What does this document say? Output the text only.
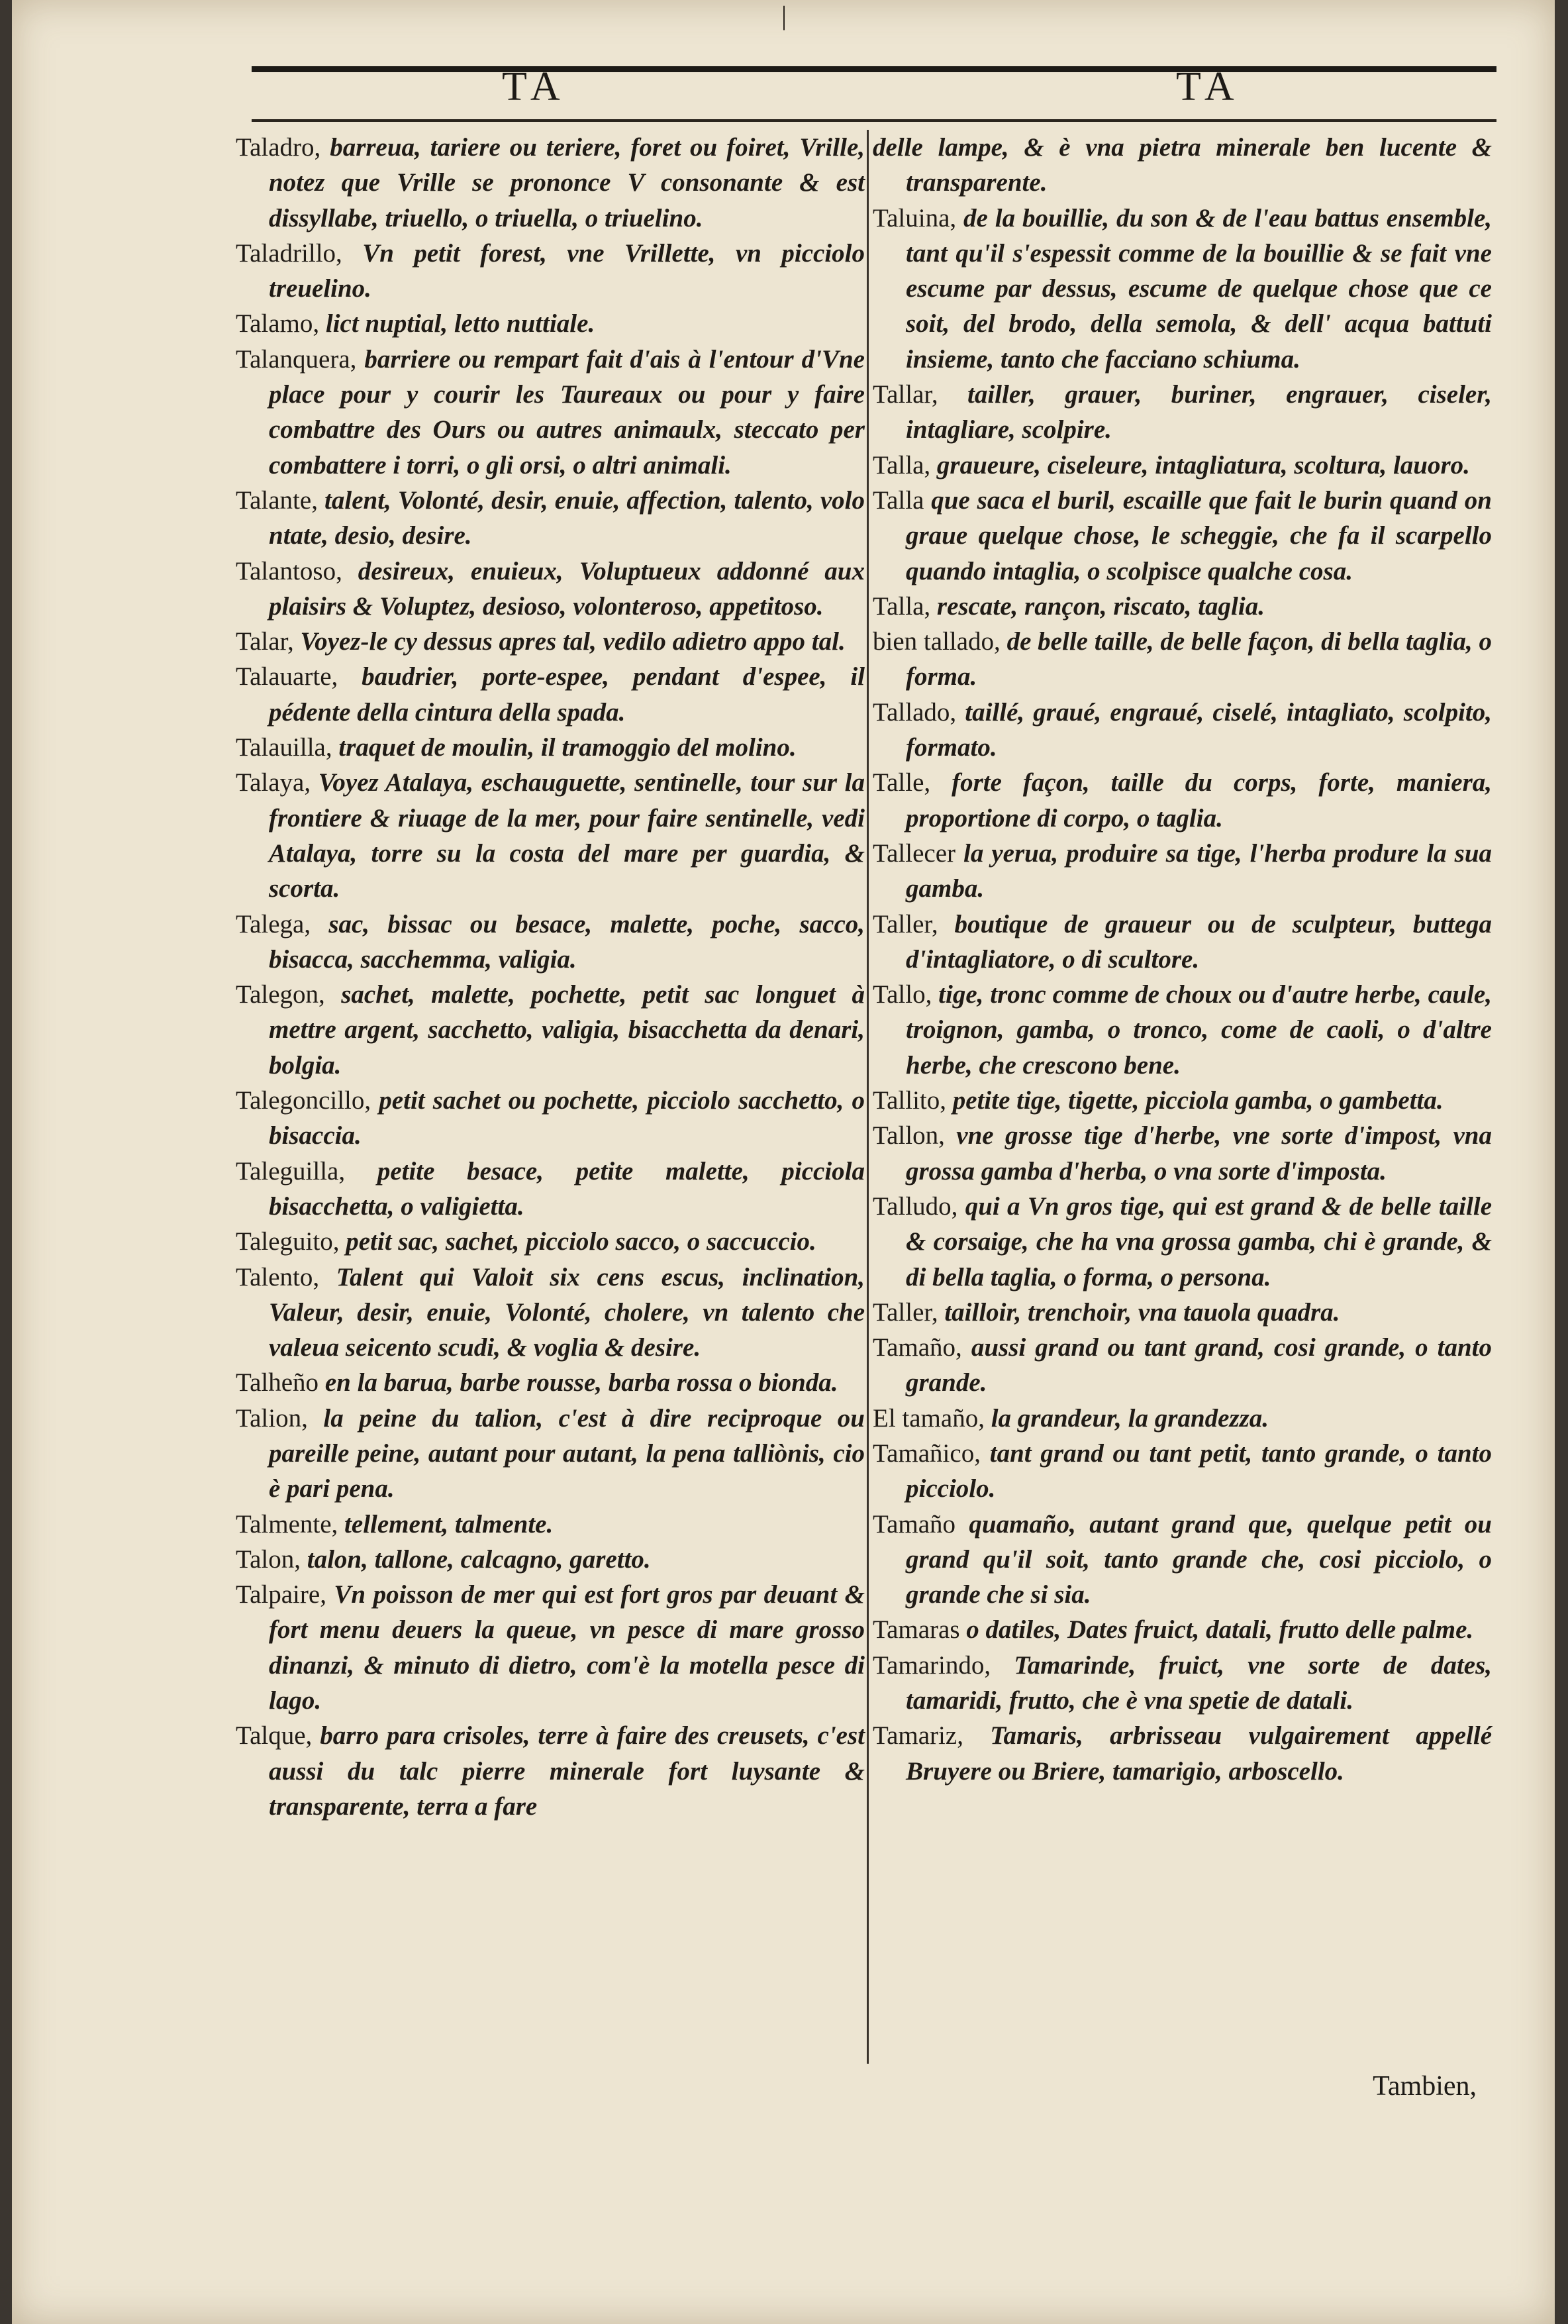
|
TA	TA

Taladro, barreua, tariere ou teriere, foret ou foiret, Vrille, notez que Vrille se prononce V consonante & est dissyllabe, triuello, o triuella, o triuelino.

Taladrillo, Vn petit forest, vne Vrillette, vn picciolo treuelino.

Talamo, lict nuptial, letto nuttiale.

Talanquera, barriere ou rempart fait d'ais à l'entour d'Vne place pour y courir les Taureaux ou pour y faire combattre des Ours ou autres animaulx, steccato per combattere i torri, o gli orsi, o altri animali.

Talante, talent, Volonté, desir, enuie, affection, talento, volo ntate, desio, desire.

Talantoso, desireux, enuieux, Voluptueux addonné aux plaisirs & Voluptez, desioso, volonteroso, appetitoso.

Talar, Voyez-le cy dessus apres tal, vedilo adietro appo tal.

Talauarte, baudrier, porte-espee, pendant d'espee, il pédente della cintura della spada.

Talauilla, traquet de moulin, il tramoggio del molino.

Talaya, Voyez Atalaya, eschauguette, sentinelle, tour sur la frontiere & riuage de la mer, pour faire sentinelle, vedi Atalaya, torre su la costa del mare per guardia, & scorta.

Talega, sac, bissac ou besace, malette, poche, sacco, bisacca, saccheтта, valigia.

Talegon, sachet, malette, pochette, petit sac longuet à mettre argent, sacchetto, valigia, bisacchetta da denari, bolgia.

Talegoncillo, petit sachet ou pochette, picciolo sacchetto, o bisaccia.

Taleguilla, petite besace, petite malette, picciola bisacchetta, o valigietta.

Taleguito, petit sac, sachet, picciolo sacco, o saccuccio.

Talento, Talent qui Valoit six cens escus, inclination, Valeur, desir, enuie, Volonté, cholere, vn talento che valeua seicento scudi, & voglia & desire.

Talheño en la barua, barbe rousse, barba rossa o bionda.

Talion, la peine du talion, c'est à dire reciproque ou pareille peine, autant pour autant, la pena talliònis, cio è pari pena.

Talmente, tellement, talmente.

Talon, talon, tallone, calcagno, garetto.

Talpaire, Vn poisson de mer qui est fort gros par deuant & fort menu deuers la queue, vn pesce di mare grosso dinanzi, & minuto di dietro, com'è la motella pesce di lago.

Talque, barro para crisoles, terre à faire des creusets, c'est aussi du talc pierre minerale fort luysante & transparente, terra a fare

delle lampe, & è vna pietra minerale ben lucente & transparente.

Taluina, de la bouillie, du son & de l'eau battus ensemble, tant qu'il s'espessit comme de la bouillie & se fait vne escume par dessus, escume de quelque chose que ce soit, del brodo, della semola, & dell' acqua battuti insieme, tanto che facciano schiuma.

Tallar, tailler, grauer, buriner, engrauer, ciseler, intagliare, scolpire.

Talla, graueure, ciseleure, intagliatura, scoltura, lauoro.

Talla que saca el buril, escaille que fait le burin quand on graue quelque chose, le scheggie, che fa il scarpello quando intaglia, o scolpisce qualche cosa.

Talla, rescate, rançon, riscato, taglia.

bien tallado, de belle taille, de belle façon, di bella taglia, o forma.

Tallado, taillé, graué, engraué, ciselé, intagliato, scolpito, formato.

Talle, forte façon, taille du corps, forte, maniera, proportione di corpo, o taglia.

Tallecer la yerua, produire sa tige, l'herba produre la sua gamba.

Taller, boutique de graueur ou de sculpteur, buttega d'intagliatore, o di scultore.

Tallo, tige, tronc comme de choux ou d'autre herbe, caule, troignon, gamba, o tronco, come de caoli, o d'altre herbe, che crescono bene.

Tallito, petite tige, tigette, picciola gamba, o gambetta.

Tallon, vne grosse tige d'herbe, vne sorte d'impost, vna grossa gamba d'herba, o vna sorte d'imposta.

Talludo, qui a Vn gros tige, qui est grand & de belle taille & corsaige, che ha vna grossa gamba, chi è grande, & di bella taglia, o forma, o persona.

Taller, tailloir, trenchoir, vna tauola quadra.

Tamaño, aussi grand ou tant grand, cosi grande, o tanto grande.

El tamaño, la grandeur, la grandezza.

Tamañico, tant grand ou tant petit, tanto grande, o tanto picciolo.

Tamaño quamaño, autant grand que, quelque petit ou grand qu'il soit, tanto grande che, cosi picciolo, o grande che si sia.

Tamaras o datiles, Dates fruict, datali, frutto delle palme.

Tamarindo, Tamarinde, fruict, vne sorte de dates, tamaridi, frutto, che è vna spetie de datali.

Tamariz, Tamaris, arbrisseau vulgairement appellé Bruyere ou Briere, tamarigio, arboscello.

Tambien,
